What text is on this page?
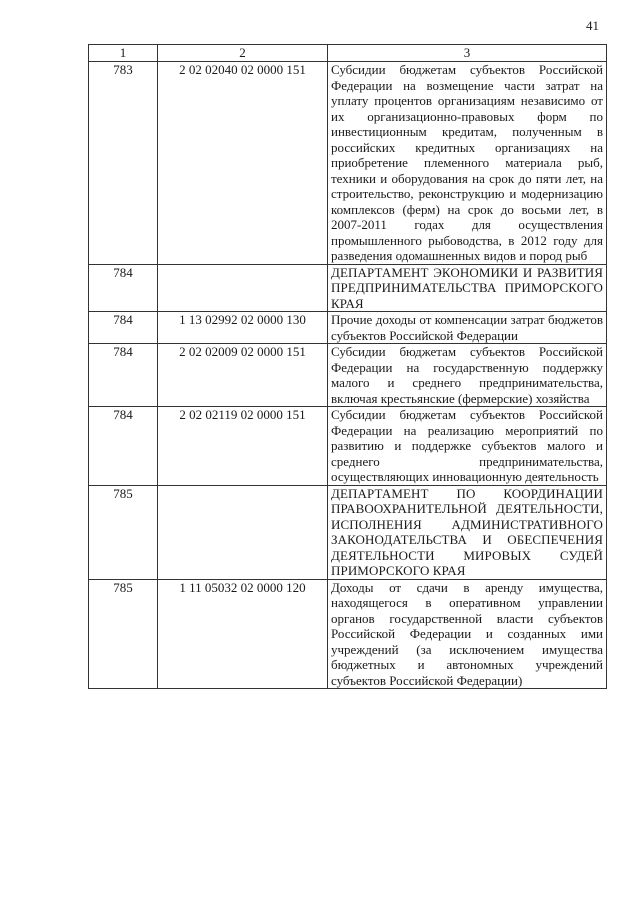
41
1	2	3
783	2 02 02040 02 0000 151	Субсидии бюджетам субъектов Российской Федерации на возмещение части затрат на уплату процентов организациям независимо от их организационно-правовых форм по инвестиционным кредитам, полученным в российских кредитных организациях на приобретение племенного материала рыб, техники и оборудования на срок до пяти лет, на строительство, реконструкцию и модернизацию комплексов (ферм) на срок до восьми лет, в 2007-2011 годах для осуществления промышленного рыбоводства, в 2012 году для разведения одомашненных видов и пород рыб
784		ДЕПАРТАМЕНТ ЭКОНОМИКИ И РАЗВИТИЯ ПРЕДПРИНИМАТЕЛЬСТВА ПРИМОРСКОГО КРАЯ
784	1 13 02992 02 0000 130	Прочие доходы от компенсации затрат бюджетов субъектов Российской Федерации
784	2 02 02009 02 0000 151	Субсидии бюджетам субъектов Российской Федерации на государственную поддержку малого и среднего предпринимательства, включая крестьянские (фермерские) хозяйства
784	2 02 02119 02 0000 151	Субсидии бюджетам субъектов Российской Федерации на реализацию мероприятий по развитию и поддержке субъектов малого и среднего предпринимательства, осуществляющих инновационную деятельность
785		ДЕПАРТАМЕНТ ПО КООРДИНАЦИИ ПРАВООХРАНИТЕЛЬНОЙ ДЕЯТЕЛЬНОСТИ, ИСПОЛНЕНИЯ АДМИНИСТРАТИВНОГО ЗАКОНОДАТЕЛЬСТВА И ОБЕСПЕЧЕНИЯ ДЕЯТЕЛЬНОСТИ МИРОВЫХ СУДЕЙ ПРИМОРСКОГО КРАЯ
785	1 11 05032 02 0000 120	Доходы от сдачи в аренду имущества, находящегося в оперативном управлении органов государственной власти субъектов Российской Федерации и созданных ими учреждений (за исключением имущества бюджетных и автономных учреждений субъектов Российской Федерации)
